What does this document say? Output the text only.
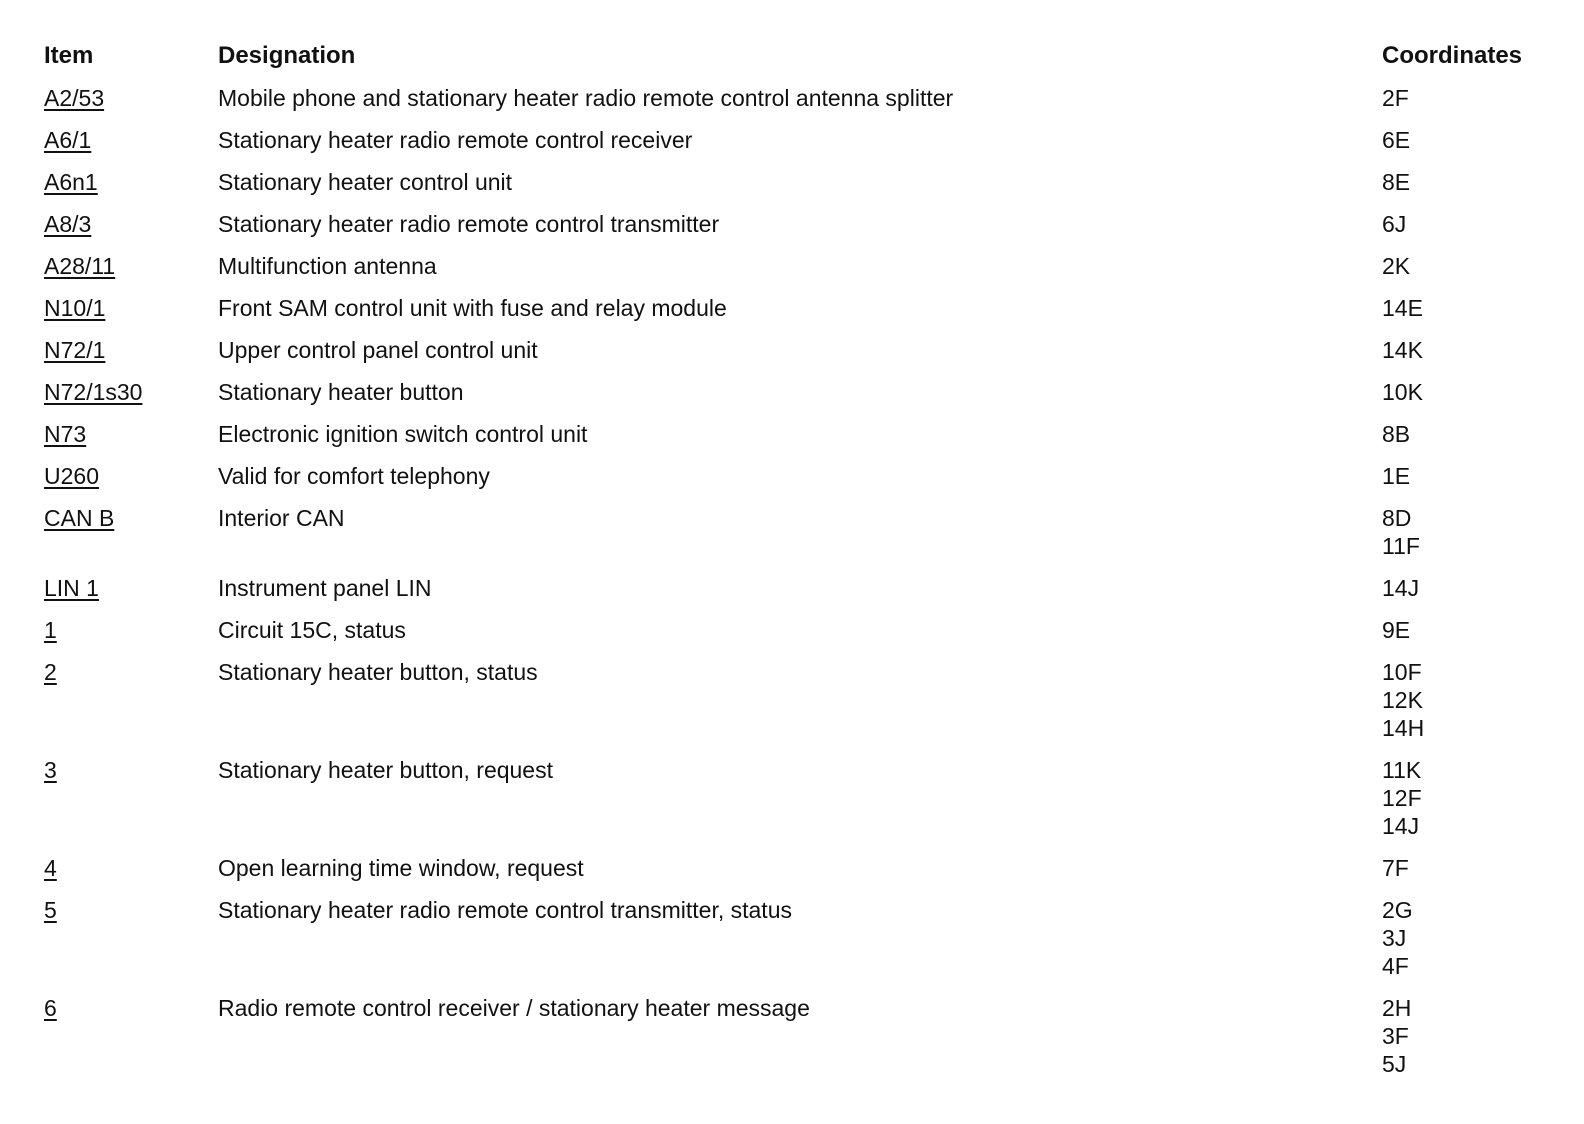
Item	Designation	Coordinates
A2/53	Mobile phone and stationary heater radio remote control antenna splitter	2F
A6/1	Stationary heater radio remote control receiver	6E
A6n1	Stationary heater control unit	8E
A8/3	Stationary heater radio remote control transmitter	6J
A28/11	Multifunction antenna	2K
N10/1	Front SAM control unit with fuse and relay module	14E
N72/1	Upper control panel control unit	14K
N72/1s30	Stationary heater button	10K
N73	Electronic ignition switch control unit	8B
U260	Valid for comfort telephony	1E
CAN B	Interior CAN	8D
11F
LIN 1	Instrument panel LIN	14J
1	Circuit 15C, status	9E
2	Stationary heater button, status	10F
12K
14H
3	Stationary heater button, request	11K
12F
14J
4	Open learning time window, request	7F
5	Stationary heater radio remote control transmitter, status	2G
3J
4F
6	Radio remote control receiver / stationary heater message	2H
3F
5J
